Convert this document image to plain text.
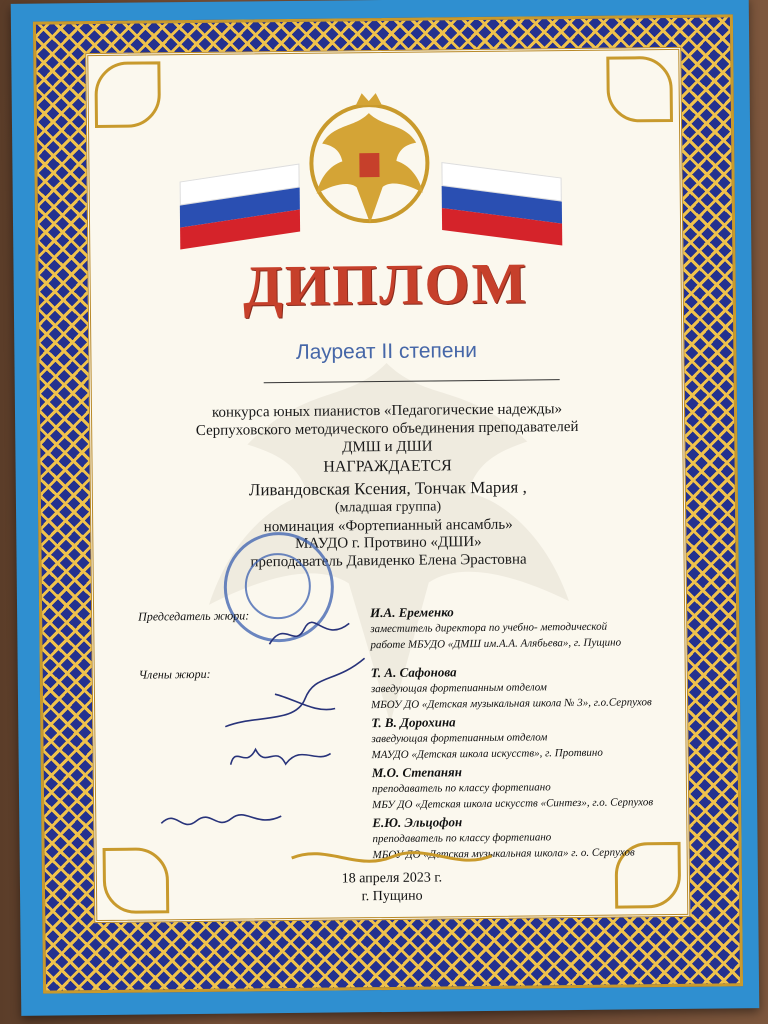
ДИПЛОМ
Лауреат II степени
конкурса юных пианистов «Педагогические надежды»
Серпуховского методического объединения преподавателей
ДМШ и ДШИ
НАГРАЖДАЕТСЯ
Ливандовская Ксения, Тончак Мария ,
(младшая группа)
номинация «Фортепианный ансамбль»
МАУДО г. Протвино «ДШИ»
преподаватель Давиденко Елена Эрастовна
Председатель жюри:	И.А. Еременко
заместитель директора по учебно- методической
работе МБУДО «ДМШ им.А.А. Алябьева», г. Пущино
Члены жюри:	Т. А. Сафонова
заведующая фортепианным отделом
МБОУ ДО «Детская музыкальная школа № 3», г.о.Серпухов
Т. В. Дорохина
заведующая фортепианным отделом
МАУДО «Детская школа искусств», г. Протвино
М.О. Степанян
преподаватель по классу фортепиано
МБУ ДО «Детская школа искусств «Синтез», г.о. Серпухов
Е.Ю. Эльцофон
преподаватель по классу фортепиано
МБОУ ДО «Детская музыкальная школа» г. о. Серпухов
18 апреля 2023 г.
г. Пущино
